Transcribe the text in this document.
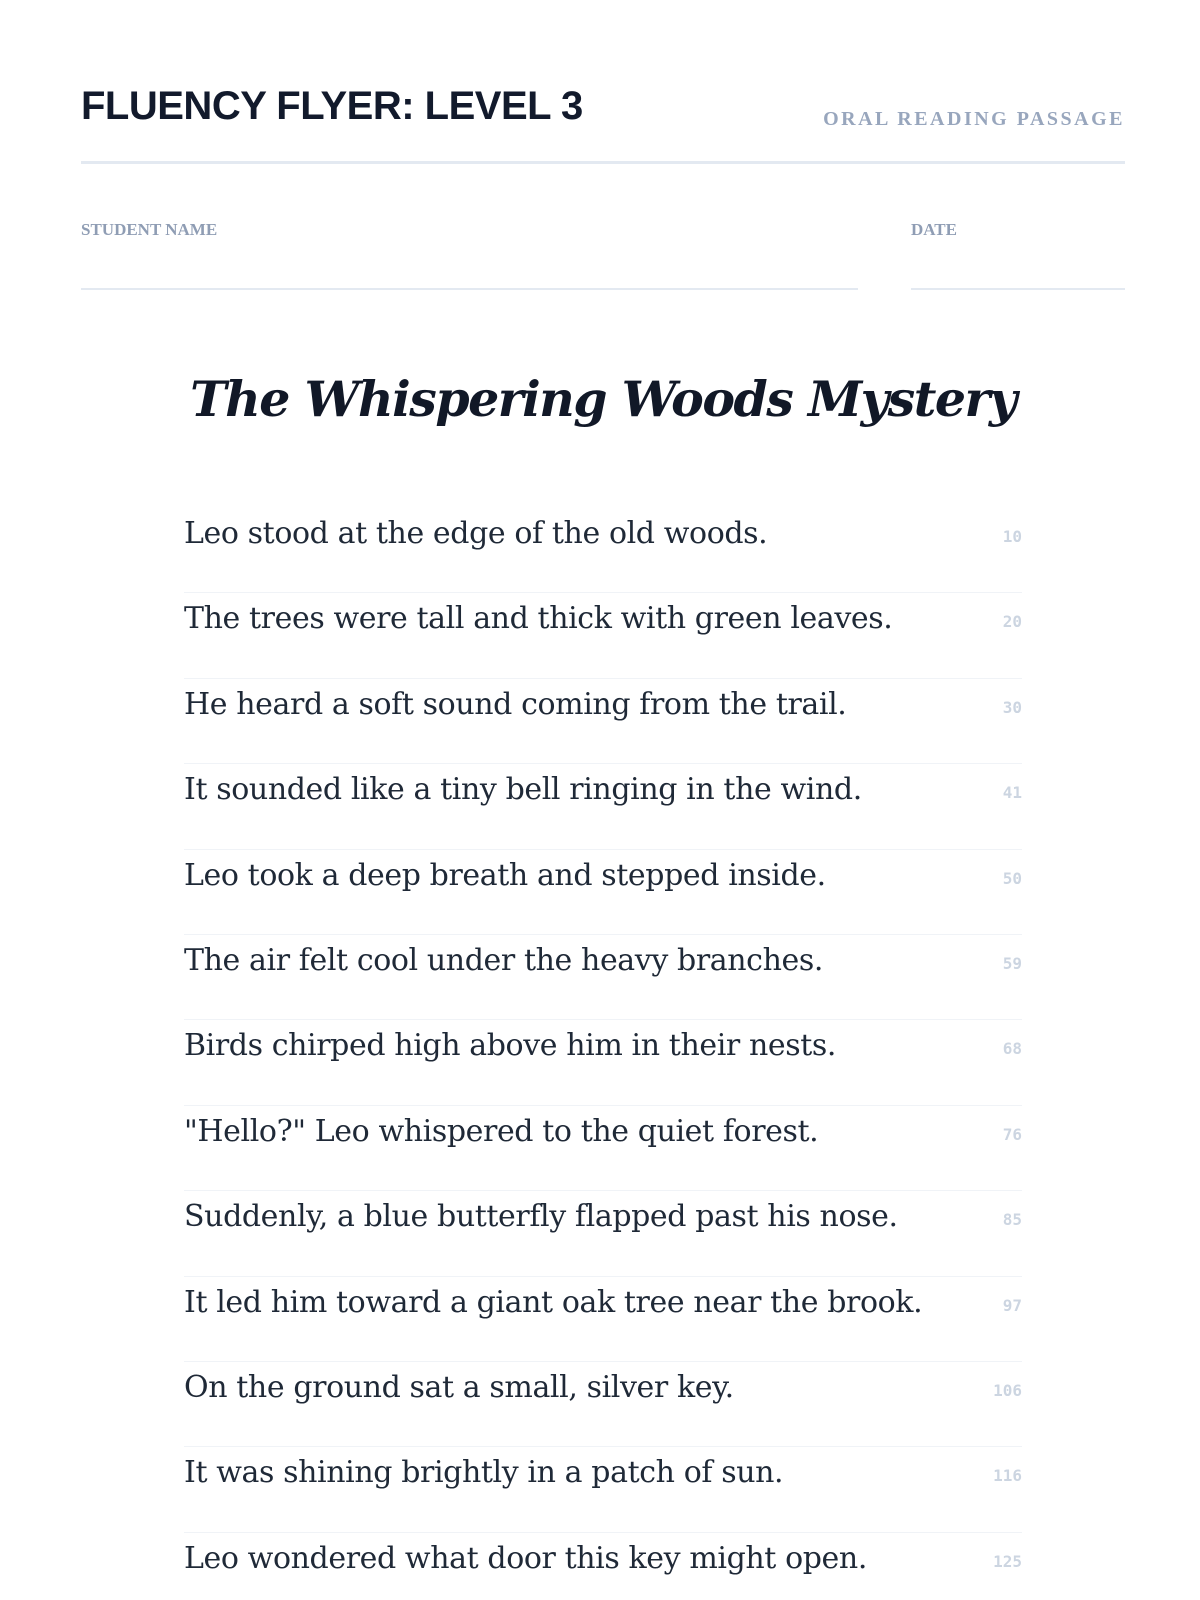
FLUENCY FLYER: LEVEL 3	ORAL READING PASSAGE
STUDENT NAME	DATE
The Whispering Woods Mystery
Leo stood at the edge of the old woods.	10
The trees were tall and thick with green leaves.	20
He heard a soft sound coming from the trail.	30
It sounded like a tiny bell ringing in the wind.	41
Leo took a deep breath and stepped inside.	50
The air felt cool under the heavy branches.	59
Birds chirped high above him in their nests.	68
"Hello?" Leo whispered to the quiet forest.	76
Suddenly, a blue butterfly flapped past his nose.	85
It led him toward a giant oak tree near the brook.	97
On the ground sat a small, silver key.	106
It was shining brightly in a patch of sun.	116
Leo wondered what door this key might open.	125
